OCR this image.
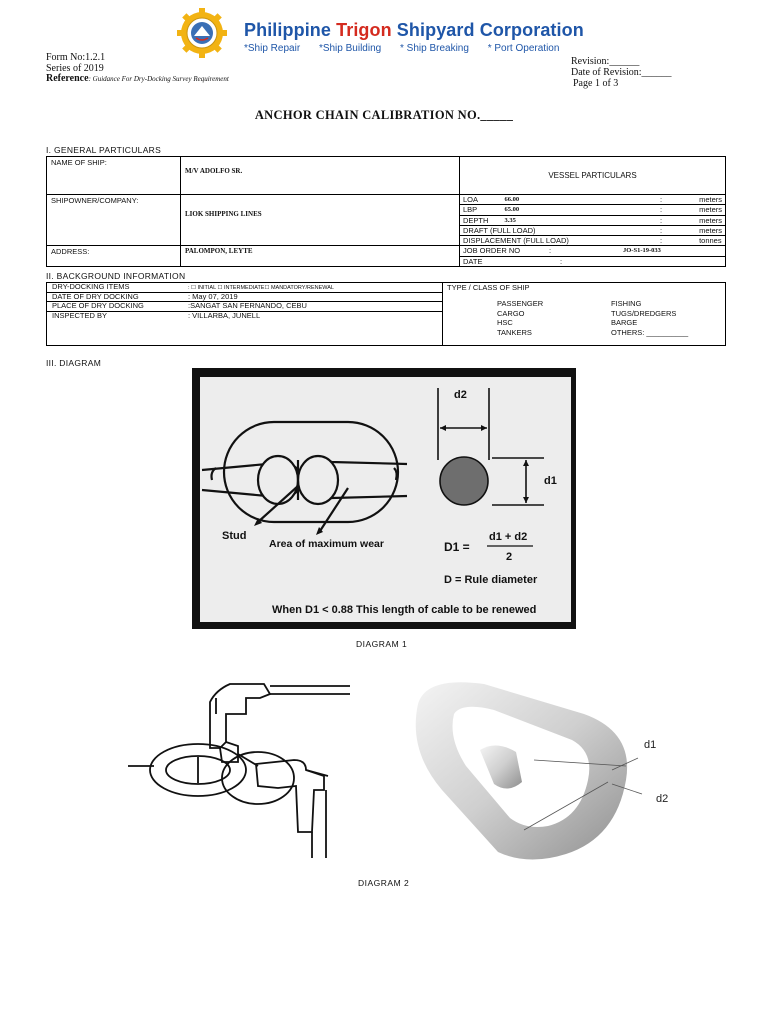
Philippine Trigon Shipyard Corporation
*Ship Repair *Ship Building * Ship Breaking * Port Operation
Form No:1.2.1
Series of 2019
Reference: Guidance For Dry-Docking Survey Requirement
Revision:______
Date of Revision:______
Page 1 of 3
ANCHOR CHAIN CALIBRATION NO._____
I. GENERAL PARTICULARS
NAME OF SHIP:	M/V ADOLFO SR.	VESSEL PARTICULARS
SHIPOWNER/COMPANY:	LIOK SHIPPING LINES	
LOA	66.00	:	meters
LBP	65.00	:	meters
DEPTH	3.35	:	meters
DRAFT (FULL LOAD)	:	meters
DISPLACEMENT (FULL LOAD)	:	tonnes

ADDRESS:	PALOMPON, LEYTE		JOB ORDER NO	:	JO-S1-19-033
DATE	:	
II. BACKGROUND INFORMATION
DRY-DOCKING ITEMS	: ☐ INITIAL ☐ INTERMEDIATE☐ MANDATORY/RENEWAL
DATE OF DRY DOCKING	: May 07, 2019
PLACE OF DRY DOCKING	:SANGAT SAN FERNANDO, CEBU
INSPECTED BY	: VILLARBA, JUNELL

TYPE / CLASS OF SHIP
PASSENGER
CARGO
HSC
TANKERS
FISHING
TUGS/DREDGERS
BARGE
OTHERS: __________
III. DIAGRAM
Stud
Area of maximum wear
d2
d1
D1 =
d1 + d2
2
D = Rule diameter
When D1 < 0.88 This length of cable to be renewed
DIAGRAM 1
d1
d2
DIAGRAM 2
